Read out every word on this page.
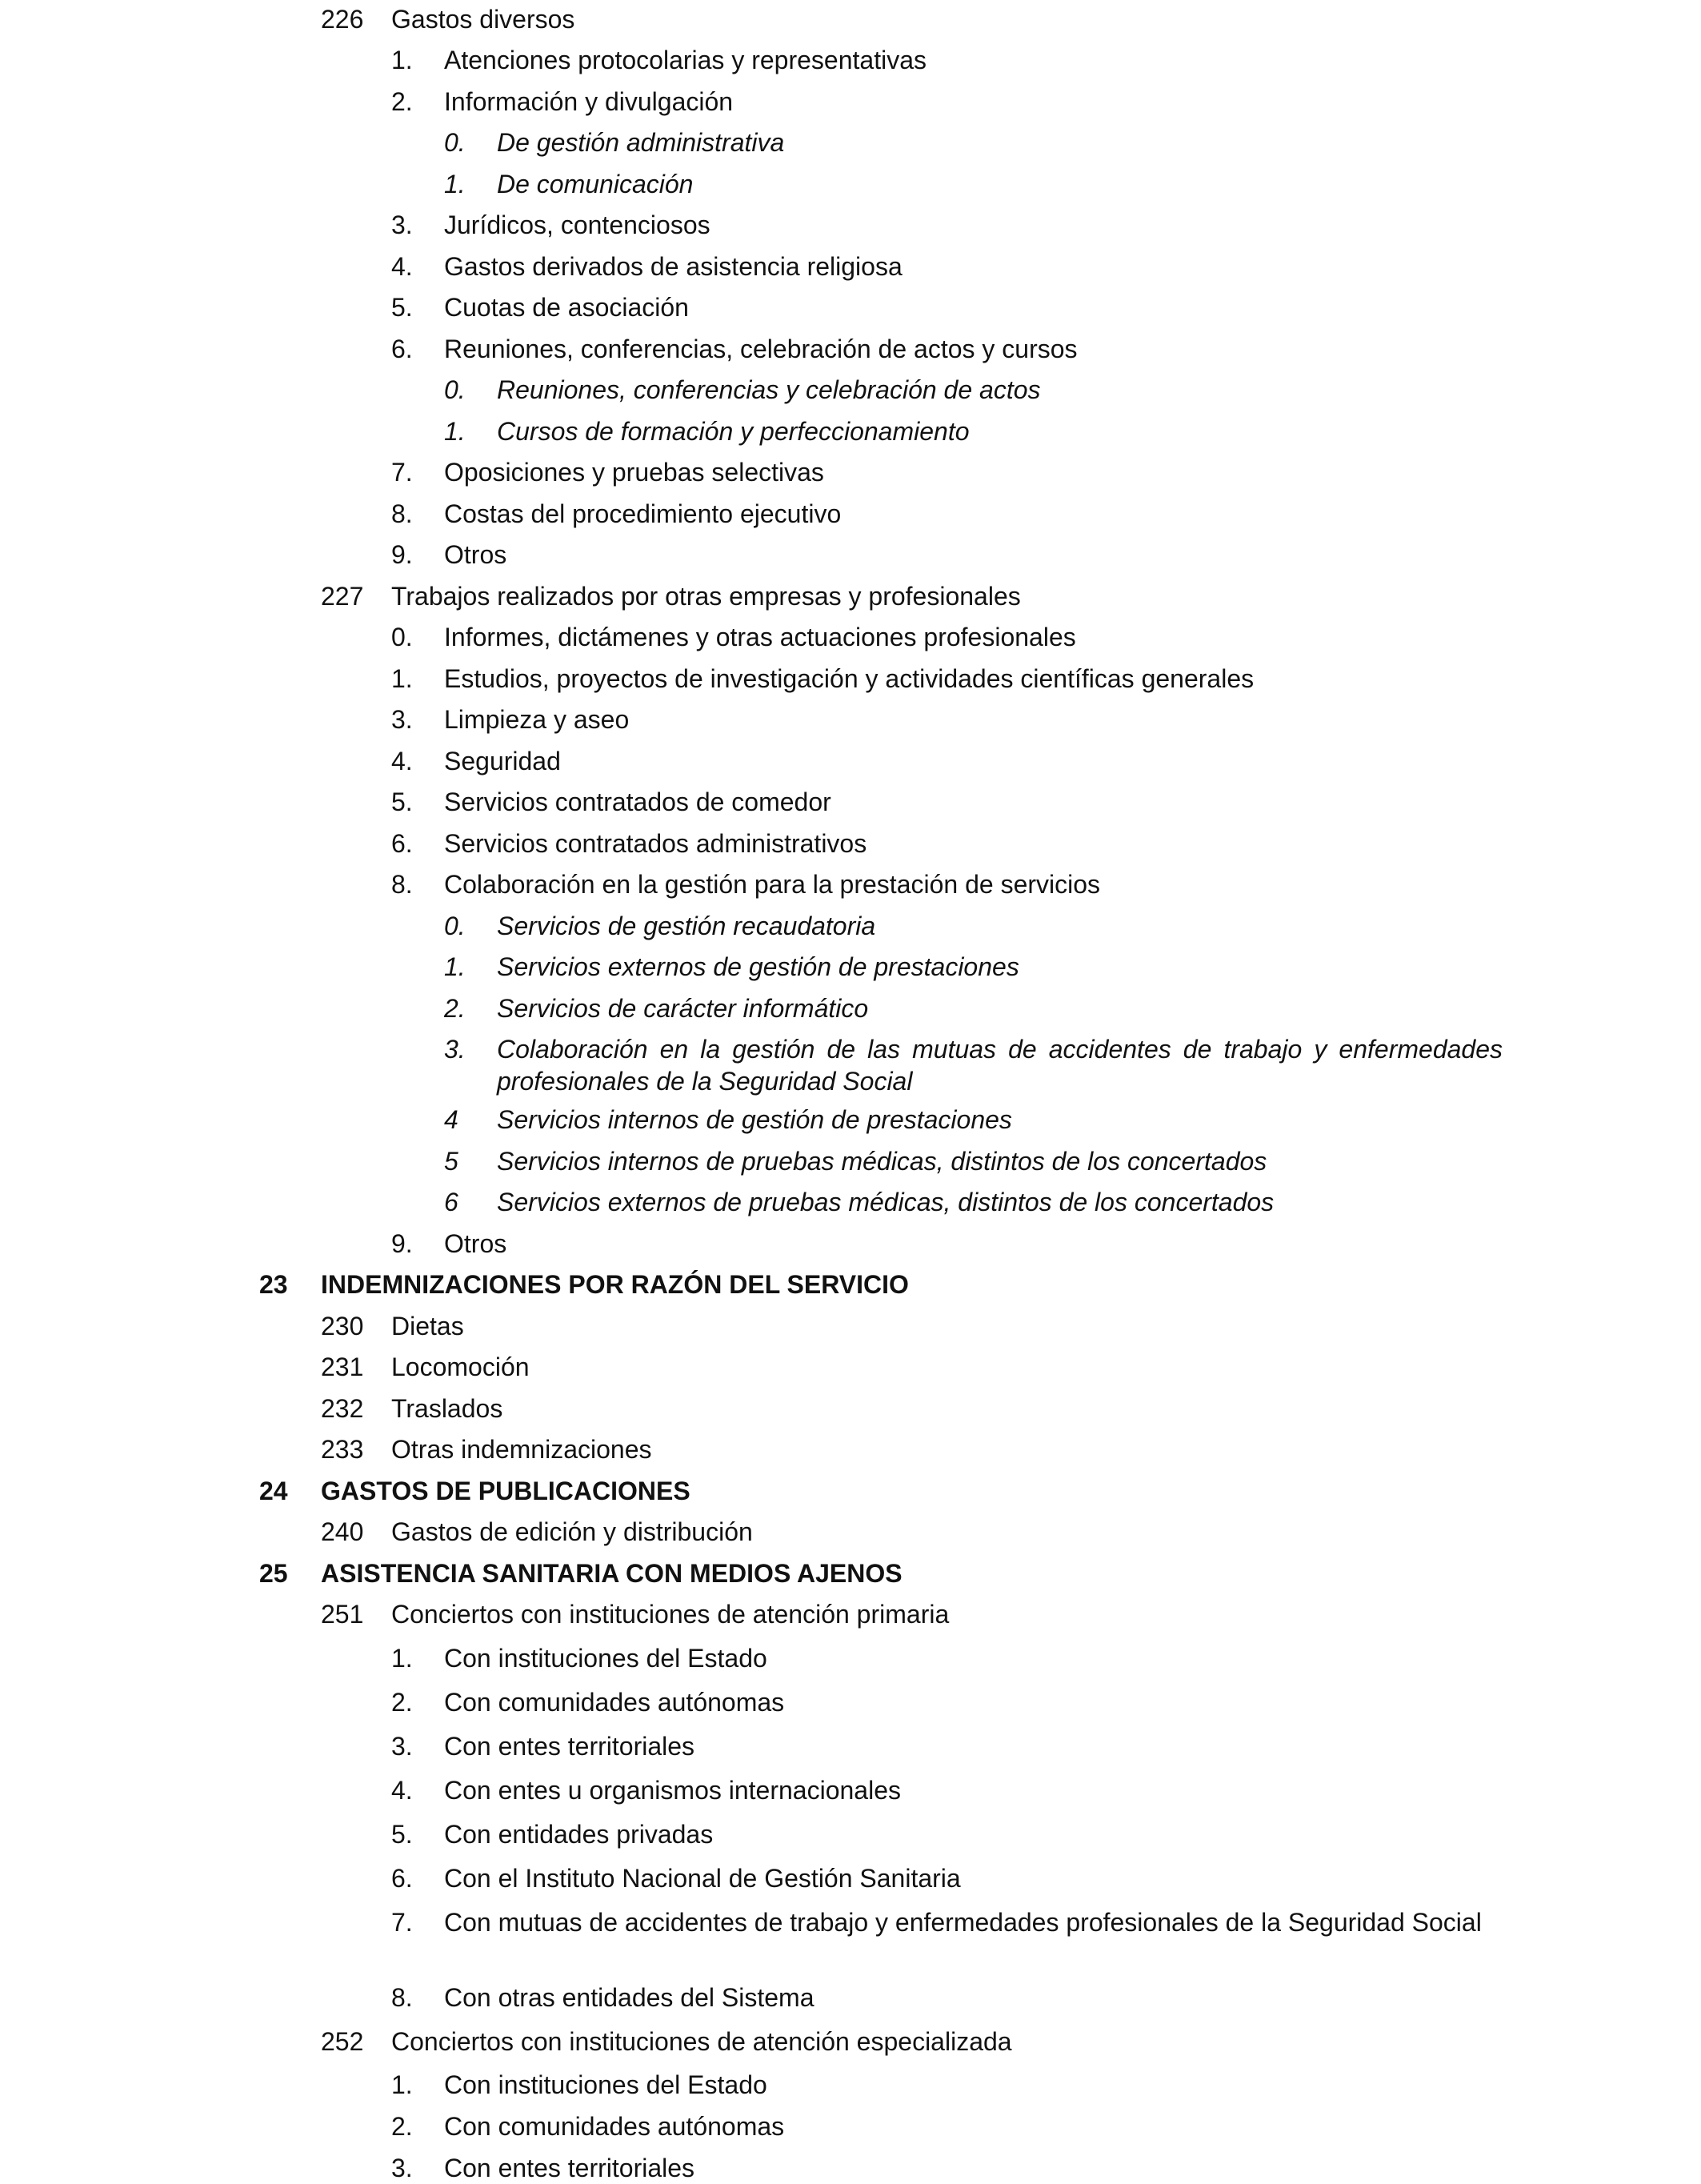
226 Gastos diversos
1. Atenciones protocolarias y representativas
2. Información y divulgación
0. De gestión administrativa
1. De comunicación
3. Jurídicos, contenciosos
4. Gastos derivados de asistencia religiosa
5. Cuotas de asociación
6. Reuniones, conferencias, celebración de actos y cursos
0. Reuniones, conferencias y celebración de actos
1. Cursos de formación y perfeccionamiento
7. Oposiciones y pruebas selectivas
8. Costas del procedimiento ejecutivo
9. Otros
227 Trabajos realizados por otras empresas y profesionales
0. Informes, dictámenes y otras actuaciones profesionales
1. Estudios, proyectos de investigación y actividades científicas generales
3. Limpieza y aseo
4. Seguridad
5. Servicios contratados de comedor
6. Servicios contratados administrativos
8. Colaboración en la gestión para la prestación de servicios
0. Servicios de gestión recaudatoria
1. Servicios externos de gestión de prestaciones
2. Servicios de carácter informático
3. Colaboración en la gestión de las mutuas de accidentes de trabajo y enfermedades profesionales de la Seguridad Social
4 Servicios internos de gestión de prestaciones
5 Servicios internos de pruebas médicas, distintos de los concertados
6 Servicios externos de pruebas médicas, distintos de los concertados
9. Otros
23 INDEMNIZACIONES POR RAZÓN DEL SERVICIO
230 Dietas
231 Locomoción
232 Traslados
233 Otras indemnizaciones
24 GASTOS DE PUBLICACIONES
240 Gastos de edición y distribución
25 ASISTENCIA SANITARIA CON MEDIOS AJENOS
251 Conciertos con instituciones de atención primaria
1. Con instituciones del Estado
2. Con comunidades autónomas
3. Con entes territoriales
4. Con entes u organismos internacionales
5. Con entidades privadas
6. Con el Instituto Nacional de Gestión Sanitaria
7. Con mutuas de accidentes de trabajo y enfermedades profesionales de la Seguridad Social
8. Con otras entidades del Sistema
252 Conciertos con instituciones de atención especializada
1. Con instituciones del Estado
2. Con comunidades autónomas
3. Con entes territoriales
